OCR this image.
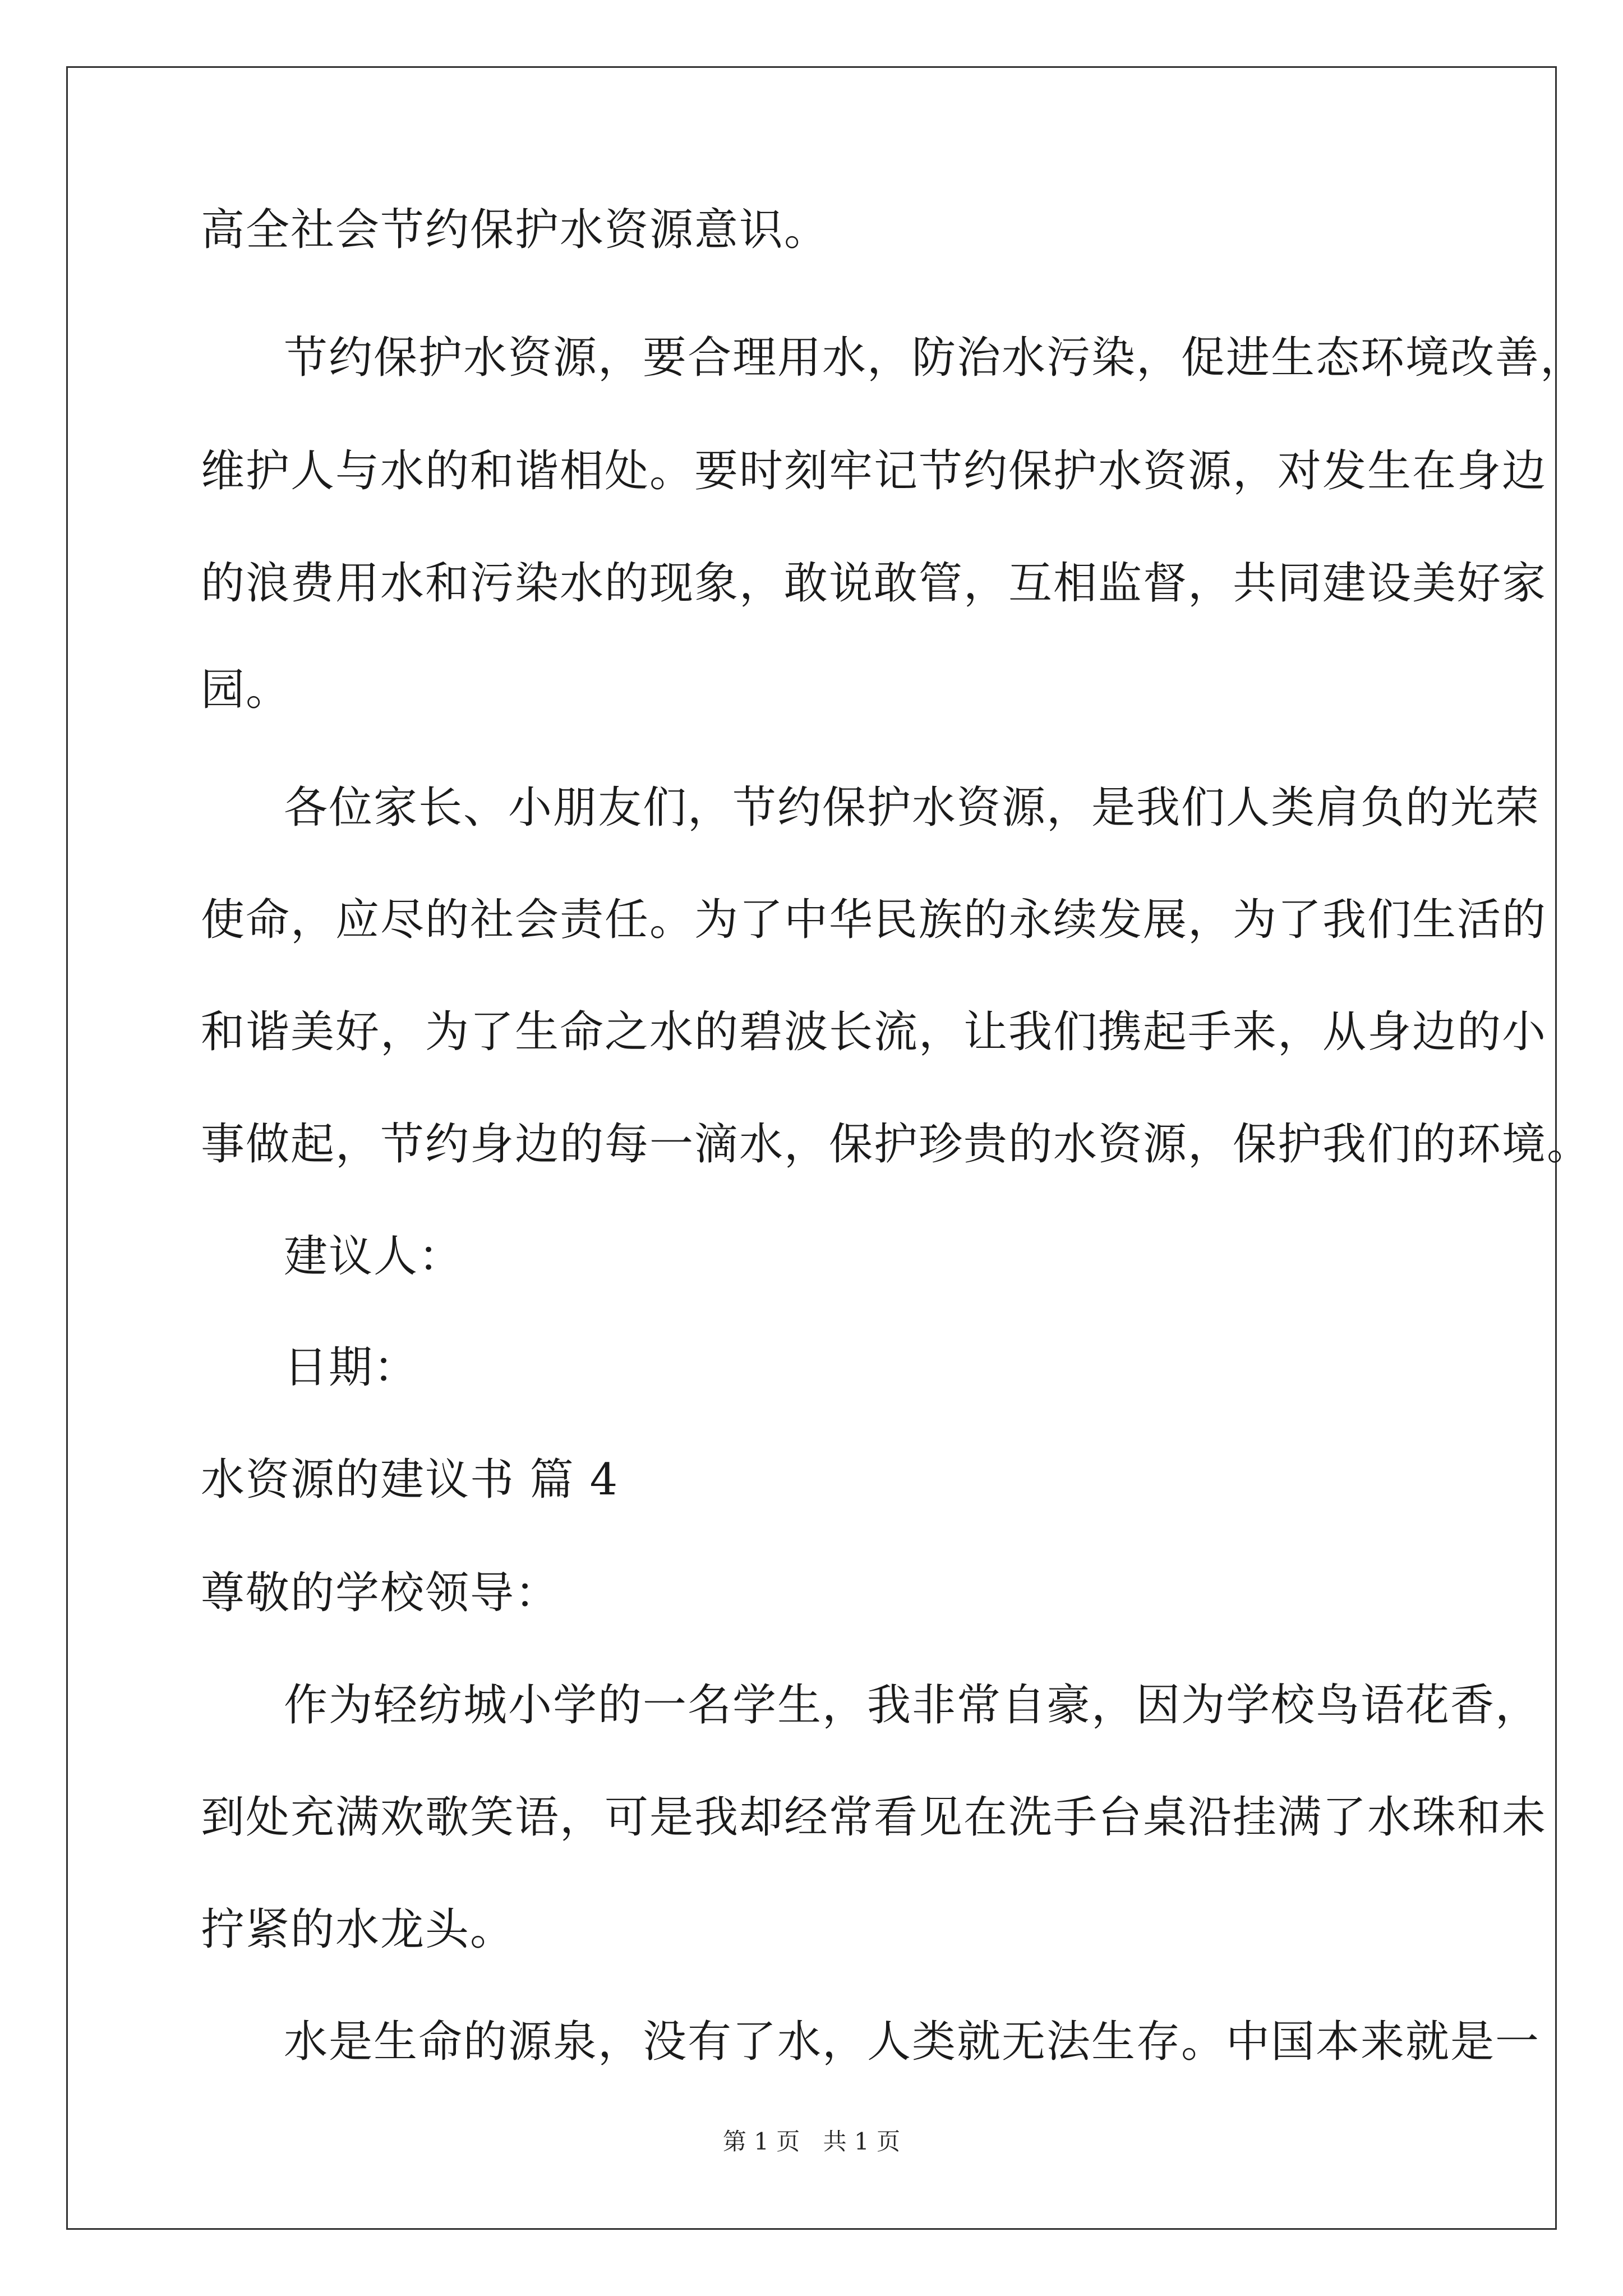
高全社会节约保护水资源意识。
节约保护水资源，要合理用水，防治水污染，促进生态环境改善，
维护人与水的和谐相处。要时刻牢记节约保护水资源，对发生在身边
的浪费用水和污染水的现象，敢说敢管，互相监督，共同建设美好家
园。
各位家长、小朋友们，节约保护水资源，是我们人类肩负的光荣
使命，应尽的社会责任。为了中华民族的永续发展，为了我们生活的
和谐美好，为了生命之水的碧波长流，让我们携起手来，从身边的小
事做起，节约身边的每一滴水，保护珍贵的水资源，保护我们的环境。
建议人：
日期：
水资源的建议书 篇 4
尊敬的学校领导：
作为轻纺城小学的一名学生，我非常自豪，因为学校鸟语花香，
到处充满欢歌笑语，可是我却经常看见在洗手台桌沿挂满了水珠和未
拧紧的水龙头。
水是生命的源泉，没有了水，人类就无法生存。中国本来就是一
第 1 页 共 1 页
